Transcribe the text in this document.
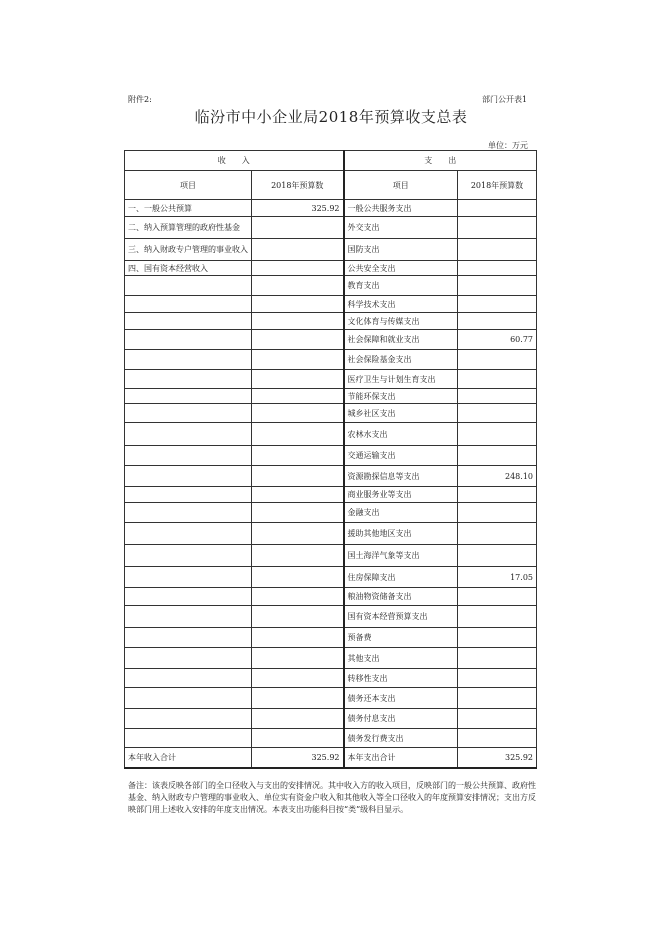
附件2:	部门公开表1
临汾市中小企业局2018年预算收支总表
单位：万元
收　　入		支　　出	
项目	2018年预算数	项目	2018年预算数
一、一般公共预算	325.92	一般公共服务支出	
二、纳入预算管理的政府性基金		外交支出	
三、纳入财政专户管理的事业收入		国防支出	
四、国有资本经营收入		公共安全支出	
		教育支出	
		科学技术支出	
		文化体育与传媒支出	
		社会保障和就业支出	60.77
		社会保险基金支出	
		医疗卫生与计划生育支出	
		节能环保支出	
		城乡社区支出	
		农林水支出	
		交通运输支出	
		资源勘探信息等支出	248.10
		商业服务业等支出	
		金融支出	
		援助其他地区支出	
		国土海洋气象等支出	
		住房保障支出	17.05
		粮油物资储备支出	
		国有资本经营预算支出	
		预备费	
		其他支出	
		转移性支出	
		债务还本支出	
		债务付息支出	
		债务发行费支出	
本年收入合计	325.92	本年支出合计	325.92
备注：该表反映各部门的全口径收入与支出的安排情况。其中收入方的收入项目，反映部门的一般公共预算、政府性基金、纳入财政专户管理的事业收入、单位实有资金户收入和其他收入等全口径收入的年度预算安排情况；支出方反映部门用上述收入安排的年度支出情况。本表支出功能科目按“类”级科目显示。
